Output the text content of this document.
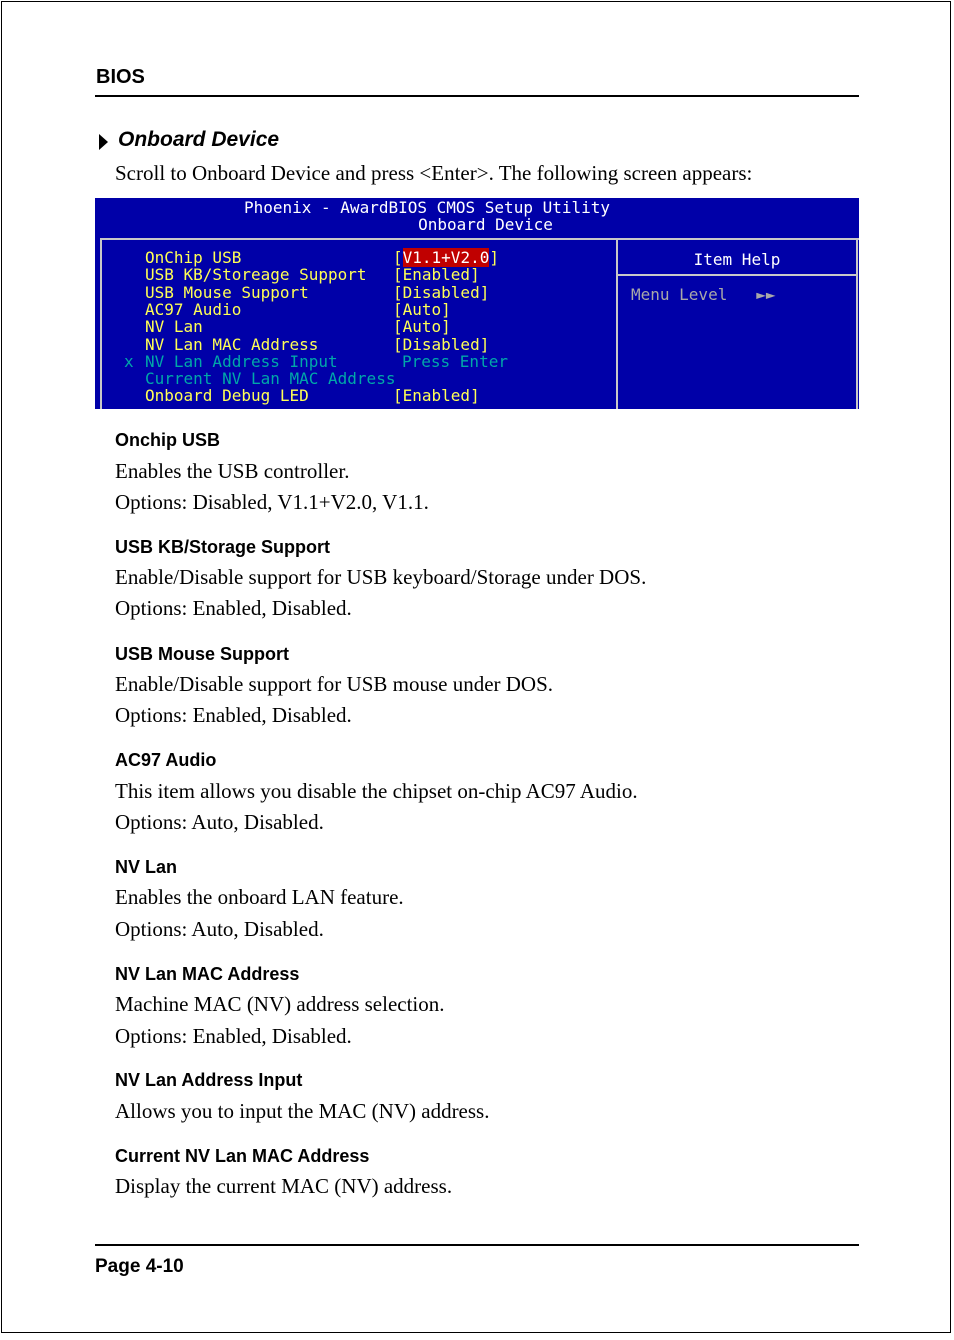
BIOS
Onboard Device
Scroll to Onboard Device and press <Enter>. The following screen appears:
Phoenix - AwardBIOS CMOS Setup Utility
Onboard Device
OnChip USB	[V1.1+V2.0]
USB KB/Storeage Support [Enabled]
USB Mouse Support	[Disabled]
AC97 Audio	[Auto]
NV Lan	[Auto]
NV Lan MAC Address	[Disabled]
x NV Lan Address Input	Press Enter
Current NV Lan MAC Address
Onboard Debug LED	[Enabled]
Item Help
Menu Level   ►►
Onchip USB
Enables the USB controller.
Options: Disabled, V1.1+V2.0, V1.1.
USB KB/Storage Support
Enable/Disable support for USB keyboard/Storage under DOS.
Options: Enabled, Disabled.
USB Mouse Support
Enable/Disable support for USB mouse under DOS.
Options: Enabled, Disabled.
AC97 Audio
This item allows you disable the chipset on-chip AC97 Audio.
Options: Auto, Disabled.
NV Lan
Enables the onboard LAN feature.
Options: Auto, Disabled.
NV Lan MAC Address
Machine MAC (NV) address selection.
Options: Enabled, Disabled.
NV Lan Address Input
Allows you to input the MAC (NV) address.
Current NV Lan MAC Address
Display the current MAC (NV) address.
Page 4-10
